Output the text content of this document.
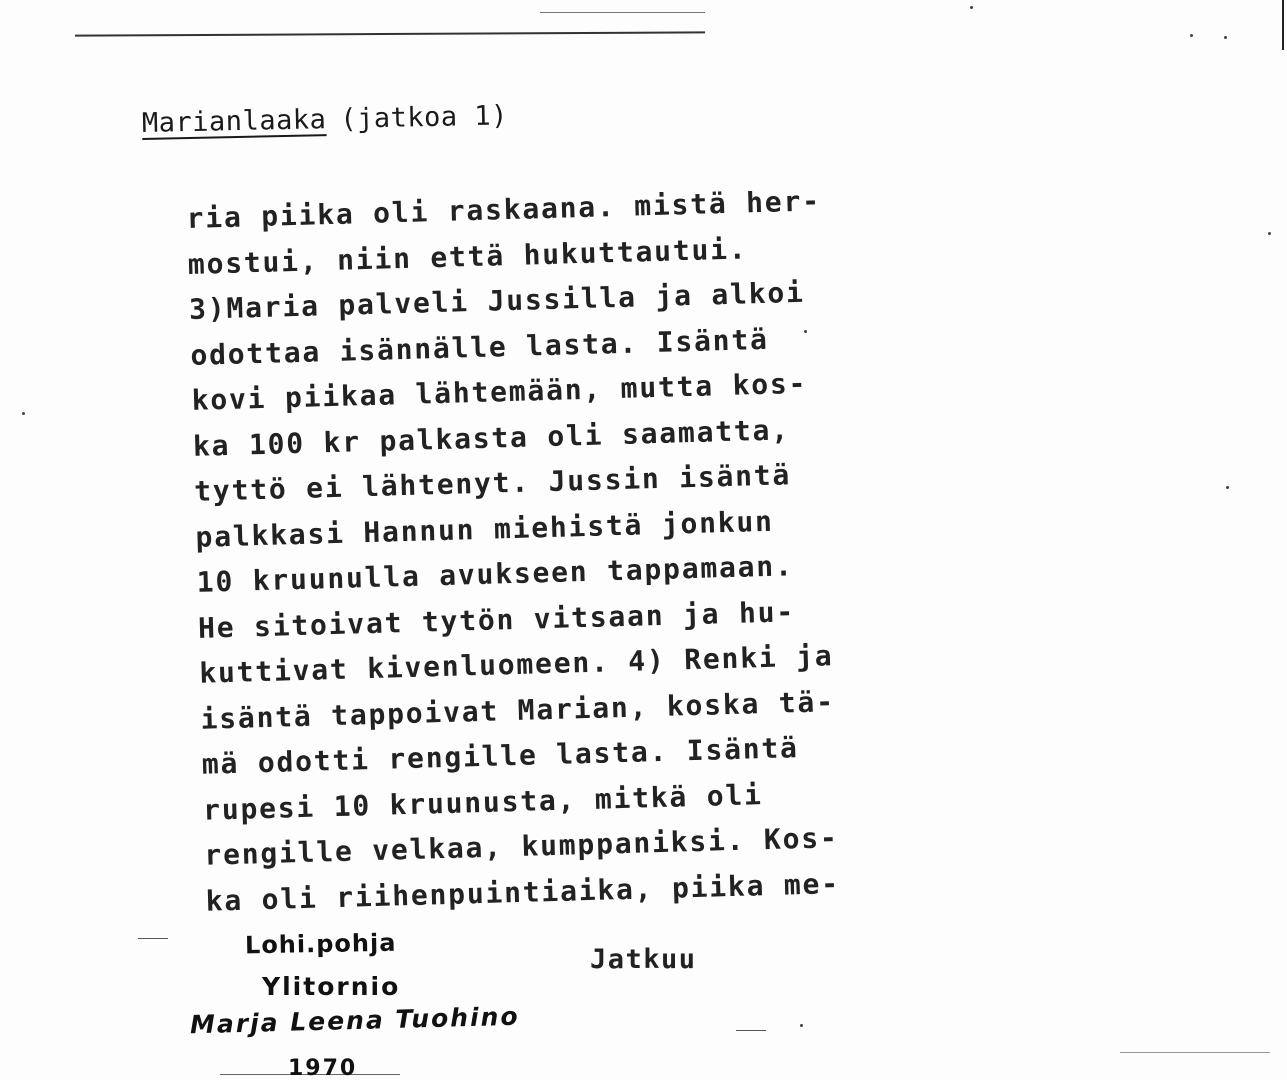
Marianlaaka (jatkoa 1)
ria piika oli raskaana. mistä her-
mostui, niin että hukuttautui.
3)Maria palveli Jussilla ja alkoi
odottaa isännälle lasta. Isäntä
kovi piikaa lähtemään, mutta kos-
ka 100 kr palkasta oli saamatta,
tyttö ei lähtenyt. Jussin isäntä
palkkasi Hannun miehistä jonkun
10 kruunulla avukseen tappamaan.
He sitoivat tytön vitsaan ja hu-
kuttivat kivenluomeen. 4) Renki ja
isäntä tappoivat Marian, koska tä-
mä odotti rengille lasta. Isäntä
rupesi 10 kruunusta, mitkä oli
rengille velkaa, kumppaniksi. Kos-
ka oli riihenpuintiaika, piika me-
Lohi.pohja
Ylitornio
Marja Leena Tuohino
1970
Jatkuu
